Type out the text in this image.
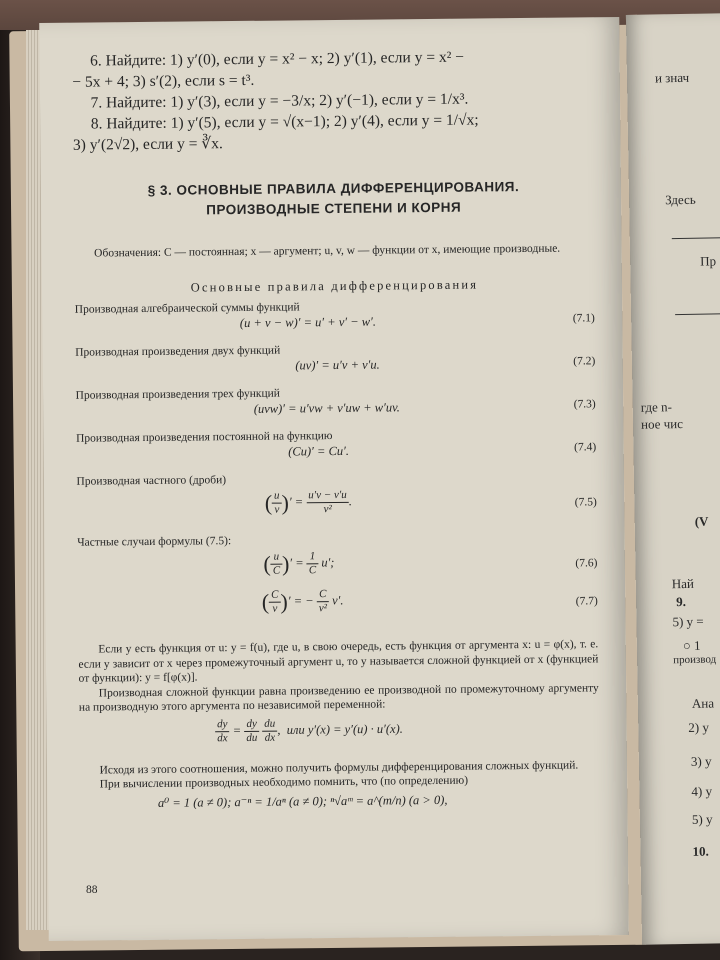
и знач
Здесь
Пр
где n-
ное чис
(V
Най
9.
5) y =
○ 1
производ
Ана
2) y
3) y
4) y
5) y
10.

6. Найдите: 1) y′(0), если y = x² − x; 2) y′(1), если y = x² −

− 5x + 4; 3) s′(2), если s = t³.

7. Найдите: 1) y′(3), если y = −3/x; 2) y′(−1), если y = 1/x³.

8. Найдите: 1) y′(5), если y = √(x−1); 2) y′(4), если y = 1/√x;

3) y′(2√2), если y = ∛x.

§ 3. ОСНОВНЫЕ ПРАВИЛА ДИФФЕРЕНЦИРОВАНИЯ.
ПРОИЗВОДНЫЕ СТЕПЕНИ И КОРНЯ

Обозначения: C — постоянная; x — аргумент; u, v, w — функции от x, имеющие производные.

Основные правила дифференцирования
Производная алгебраической суммы функций
(u + v − w)′ = u′ + v′ − w′.	(7.1)
Производная произведения двух функций
(uv)′ = u′v + v′u.	(7.2)
Производная произведения трех функций
(uvw)′ = u′vw + v′uw + w′uv.	(7.3)
Производная произведения постоянной на функцию
(Cu)′ = Cu′.	(7.4)
Производная частного (дроби)
( $\frac{u}{v}$ )′ = $\frac{u'v - v'u}{\text{v²}}$ .	(7.5)
Частные случаи формулы (7.5):
( $\frac{u}{C}$ )′ = $\frac{1}{C} u'$;	(7.6)
( $\frac{C}{v}$ )′ = − $\frac{C}{\text{v²}} v'$.	(7.7)

Если y есть функция от u: y = f(u), где u, в свою очередь, есть функция от аргумента x: u = φ(x), т. е. если y зависит от x через промежуточный аргумент u, то y называется сложной функцией от x (функцией от функции): y = f[φ(x)].

Производная сложной функции равна произведению ее производной по промежуточному аргументу на производную этого аргумента по независимой переменной:

$\frac{dy}{dx} = \frac{dy}{du}$
$\frac{du}{dx}$ ,  или y′(x) = y′(u) · u′(x).

Исходя из этого соотношения, можно получить формулы дифференцирования сложных функций.

При вычислении производных необходимо помнить, что (по определению)

a⁰ = 1 (a ≠ 0); a⁻ⁿ = 1/aⁿ (a ≠ 0); ⁿ√aᵐ = a^(m/n) (a > 0),
88
